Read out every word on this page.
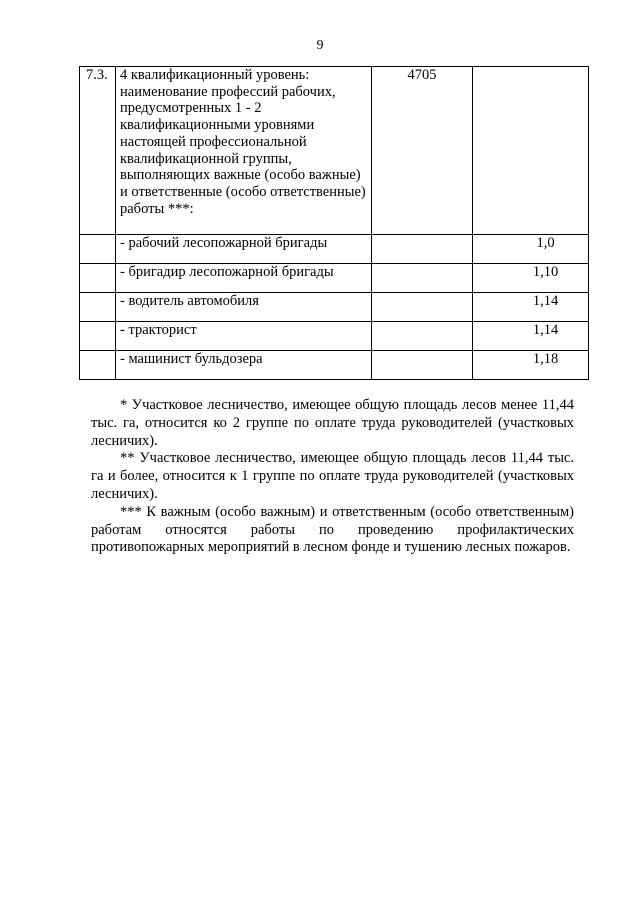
9
7.3.	4 квалификационный уровень: наименование профессий рабочих, предусмотренных 1 - 2 квалификационными уровнями настоящей профессиональной квалификационной группы, выполняющих важные (особо важные) и ответственные (особо ответственные) работы ***:	4705	
	- рабочий лесопожарной бригады		1,0
	- бригадир лесопожарной бригады		1,10
	- водитель автомобиля		1,14
	- тракторист		1,14
	- машинист бульдозера		1,18

* Участковое лесничество, имеющее общую площадь лесов менее 11,44 тыс. га, относится ко 2 группе по оплате труда руководителей (участковых лесничих).

** Участковое лесничество, имеющее общую площадь лесов 11,44 тыс. га и более, относится к 1 группе по оплате труда руководителей (участковых лесничих).

*** К важным (особо важным) и ответственным (особо ответственным) работам относятся работы по проведению профилактических противопожарных мероприятий в лесном фонде и тушению лесных пожаров.
